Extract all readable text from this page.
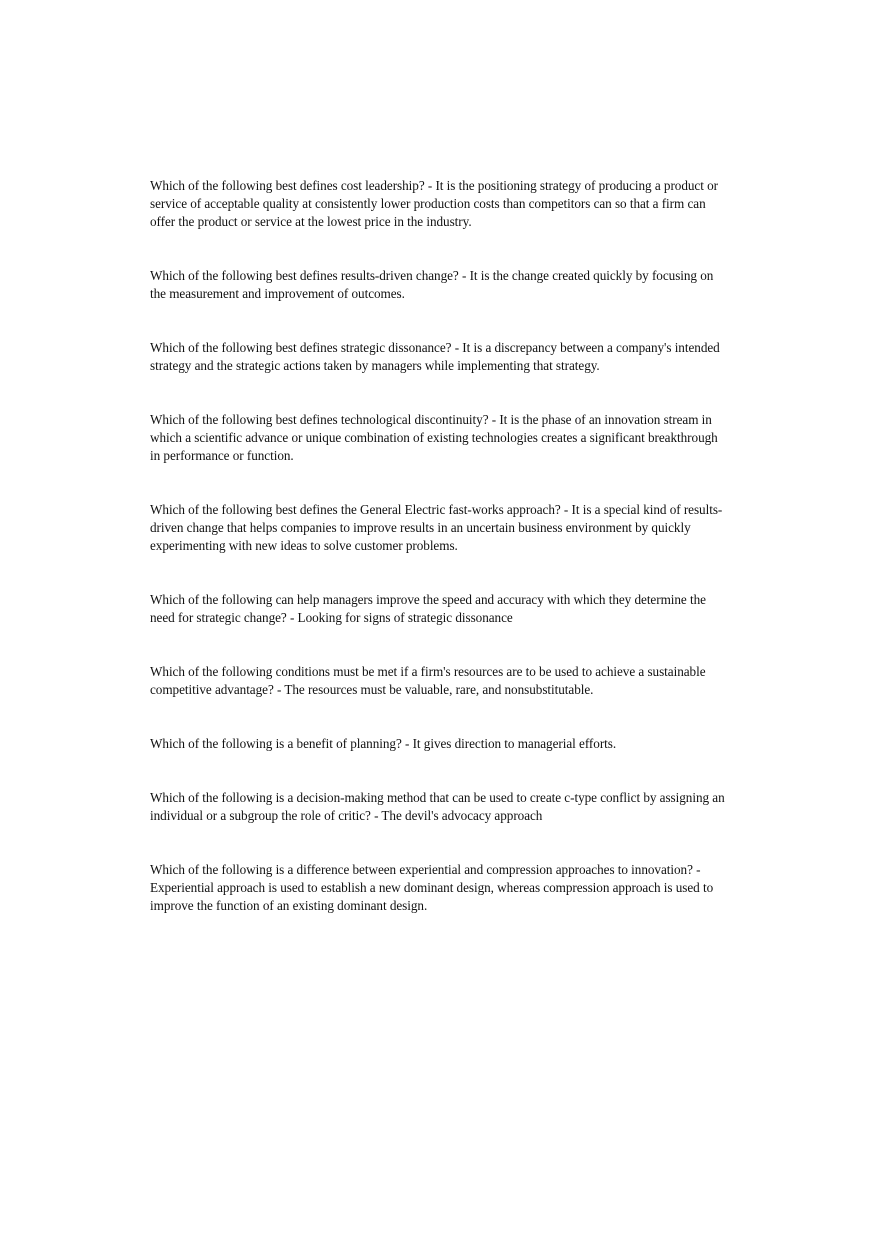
Which of the following best defines cost leadership? - It is the positioning strategy of producing a product or service of acceptable quality at consistently lower production costs than competitors can so that a firm can offer the product or service at the lowest price in the industry.
Which of the following best defines results-driven change? - It is the change created quickly by focusing on the measurement and improvement of outcomes.
Which of the following best defines strategic dissonance? - It is a discrepancy between a company's intended strategy and the strategic actions taken by managers while implementing that strategy.
Which of the following best defines technological discontinuity? - It is the phase of an innovation stream in which a scientific advance or unique combination of existing technologies creates a significant breakthrough in performance or function.
Which of the following best defines the General Electric fast-works approach? - It is a special kind of results-driven change that helps companies to improve results in an uncertain business environment by quickly experimenting with new ideas to solve customer problems.
Which of the following can help managers improve the speed and accuracy with which they determine the need for strategic change? - Looking for signs of strategic dissonance
Which of the following conditions must be met if a firm's resources are to be used to achieve a sustainable competitive advantage? - The resources must be valuable, rare, and nonsubstitutable.
Which of the following is a benefit of planning? - It gives direction to managerial efforts.
Which of the following is a decision-making method that can be used to create c-type conflict by assigning an individual or a subgroup the role of critic? - The devil's advocacy approach
Which of the following is a difference between experiential and compression approaches to innovation? - Experiential approach is used to establish a new dominant design, whereas compression approach is used to improve the function of an existing dominant design.
